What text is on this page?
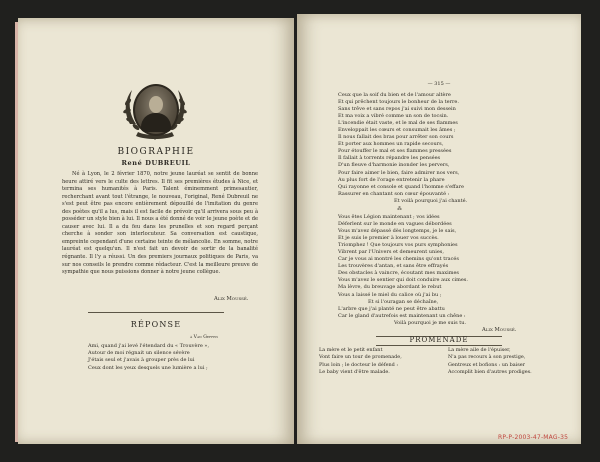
BIOGRAPHIE
René DUBREUIL

Né à Lyon, le 2 février 1870, notre jeune lauréat se sentit de bonne heure attiré vers le culte des lettres. Il fit ses premières études à Nice, et termina ses humanités à Paris. Talent éminemment primesautier, recherchant avant tout l'étrange, le nouveau, l'original, René Dubreuil ne s'est peut être pas encore entièrement dépouillé de l'imitation du genre des poètes qu'il a lus, mais il est facile de prévoir qu'il arrivera sous peu à posséder un style bien à lui. Il nous a été donné de voir le jeune poète et de causer avec lui. Il a du feu dans les prunelles et son regard perçant cherche à sonder son interlocuteur. Sa conversation est caustique, empreinte cependant d'une certaine teinte de mélancolie. En somme, notre lauréat est quelqu'un. Il n'est fait un devoir de sortir de la banalité régnante. Il l'y a réussi. Un des premiers journaux politiques de Paris, va sur nos conseils le prendre comme rédacteur. C'est la meilleure preuve de sympathie que nous puissions donner à notre jeune collègue.

Alix Moussé.
RÉPONSE
à Van Geffen
Ami, quand j'ai levé l'étendard du « Trouvère »,
Autour de moi régnait un silence sévère
J'étais seul et j'avais à grouper près de lui
Ceux dont les yeux desquels une lumière a lui ;
— 315 —
Ceux que la soif du bien et de l'amour altère
Et qui prêchent toujours le bonheur de la terre.
Sans trêve et sans repos j'ai suivi mon dessein
Et ma voix a vibré comme un son de tocsin.
L'incendie était vaste, et le mal de ses flammes
Enveloppait les cœurs et consumait les âmes ;
Il nous fallait des bras pour arrêter son cours
Et porter aux hommes un rapide secours,
Pour étouffer le mal et ses flammes pressées
Il fallait à torrents répandre les pensées
D'un fleuve d'harmonie inonder les pervers,
Pour faire aimer le bien, faire admirer nos vers,
Au plus fort de l'orage entretenir la phare
Qui rayonne et console et quand l'homme s'effare
Rassurer en chantant son cœur épouvanté :
Et voilà pourquoi j'ai chanté.
⁂
Vous êtes Légion maintenant ; vos idées
Déferlent sur le monde en vagues débordées
Vous m'avez dépassé dès longtemps, je le sais,
Et je suis le premier à louer vos succès.
Triomphez ! Que toujours vos purs symphonies
Vibrent par l'Univers et demeurent unies,
Car je vous ai montré les chemins qu'ont tracés
Les trouvères d'antan, et sans être effrayés
Des obstacles à vaincre, écoutant mes maximes
Vous m'avez le sentier qui doit conduire aux cimes.
Ma lèvre, du breuvage abordant le rebut
Vous a laissé le miel du calice où j'ai bu ;
Et si l'ouragan se déchaîne,
L'arbre que j'ai planté ne peut être abattu
Car le gland d'autrefois est maintenant un chêne :
Voilà pourquoi je me suis tu.
Alix Moussé.
PROMENADE
La mère et le petit enfant
Vont faire un tour de promenade,
Plus loin ; le docteur le défend :
Le baby vient d'être malade.
La mère aile de l'épuiser,
N'a pas recours à son prestige,
Gentreux et bofions : un baiser
Accomplit bien d'autres prodiges.
RP-P-2003-47-MAG-35
